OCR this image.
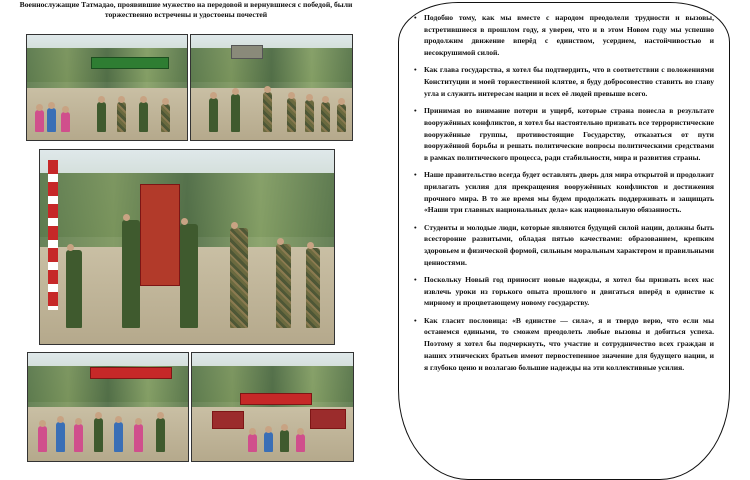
Военнослужащие Татмадао, проявившие мужество на передовой и вернувшиеся с победой, были торжественно встречены и удостоены почестей
•	Подобно тому, как мы вместе с народом преодолели трудности и вызовы, встретившиеся в прошлом году, я уверен, что и в этом Новом году мы успешно продолжим движение вперёд с единством, усердием, настойчивостью и несокрушимой силой.
• Как глава государства, я хотел бы подтвердить, что в соответствии с положениями Конституции и моей торжественной клятве, я буду добросовестно ставить во главу угла и служить интересам нации и всех её людей превыше всего.
• Принимая во внимание потери и ущерб, которые страна понесла в результате вооружённых конфликтов, я хотел бы настоятельно призвать все террористические вооружённые группы, противостоящие Государству, отказаться от пути вооружённой борьбы и решать политические вопросы политическими средствами в рамках политического процесса, ради стабильности, мира и развития страны.
• Наше правительство всегда будет оставлять дверь для мира открытой и продолжит прилагать усилия для прекращения вооружённых конфликтов и достижения прочного мира. В то же время мы будем продолжать поддерживать и защищать «Наши три главных национальных дела» как национальную обязанность.
• Студенты и молодые люди, которые являются будущей силой нации, должны быть всесторонне развитыми, обладая пятью качествами: образованием, крепким здоровьем и физической формой, сильным моральным характером и правильными ценностями.
• Поскольку Новый год приносит новые надежды, я хотел бы призвать всех нас извлечь уроки из горького опыта прошлого и двигаться вперёд в единстве к мирному и процветающему новому государству.
• Как гласит пословица: «В единстве — сила», я и твердо верю, что если мы останемся едиными, то сможем преодолеть любые вызовы и добиться успеха. Поэтому я хотел бы подчеркнуть, что участие и сотрудничество всех граждан и наших этнических братьев имеют первостепенное значение для будущего нации, и я глубоко ценю и возлагаю большие надежды на эти коллективные усилия.
